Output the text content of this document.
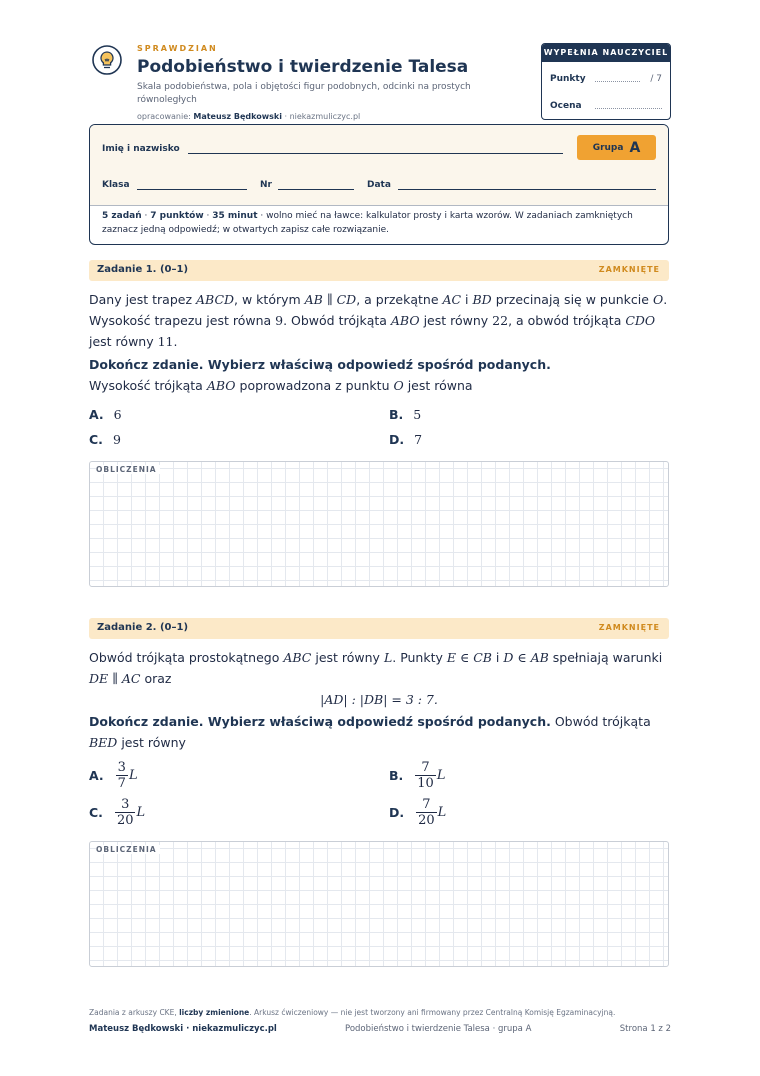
SPRAWDZIAN
Podobieństwo i twierdzenie Talesa
Skala podobieństwa, pola i objętości figur podobnych, odcinki na prostych równoległych
opracowanie: Mateusz Będkowski · niekazmuliczyc.pl
WYPEŁNIA NAUCZYCIEL
Punkty	/ 7
Ocena
Imię i nazwisko	Grupa A
Klasa	Nr	Data
5 zadań · 7 punktów · 35 minut · wolno mieć na ławce: kalkulator prosty i karta wzorów. W zadaniach zamkniętych zaznacz jedną odpowiedź; w otwartych zapisz całe rozwiązanie.
Zadanie 1. (0–1)	ZAMKNIĘTE
Dany jest trapez ABCD, w którym AB ∥ CD, a przekątne AC i BD przecinają się w punkcie O. Wysokość trapezu jest równa 9. Obwód trójkąta ABO jest równy 22, a obwód trójkąta CDO jest równy 11.
Dokończ zdanie. Wybierz właściwą odpowiedź spośród podanych.
Wysokość trójkąta ABO poprowadzona z punktu O jest równa
A. 6	B. 5
C. 9	D. 7
OBLICZENIA
Zadanie 2. (0–1)	ZAMKNIĘTE
Obwód trójkąta prostokątnego ABC jest równy L. Punkty E ∈ CB i D ∈ AB spełniają warunki DE ∥ AC oraz
|AD| : |DB| = 3 : 7.
Dokończ zdanie. Wybierz właściwą odpowiedź spośród podanych. Obwód trójkąta BED jest równy
A. $\frac{3}{7}$ L	B. $\frac{7}{10}$ L
C. $\frac{3}{20}$ L	D. $\frac{7}{20}$ L
OBLICZENIA
Zadania z arkuszy CKE, liczby zmienione. Arkusz ćwiczeniowy — nie jest tworzony ani firmowany przez Centralną Komisję Egzaminacyjną.
Mateusz Będkowski · niekazmuliczyc.pl	Podobieństwo i twierdzenie Talesa · grupa A	Strona 1 z 2
